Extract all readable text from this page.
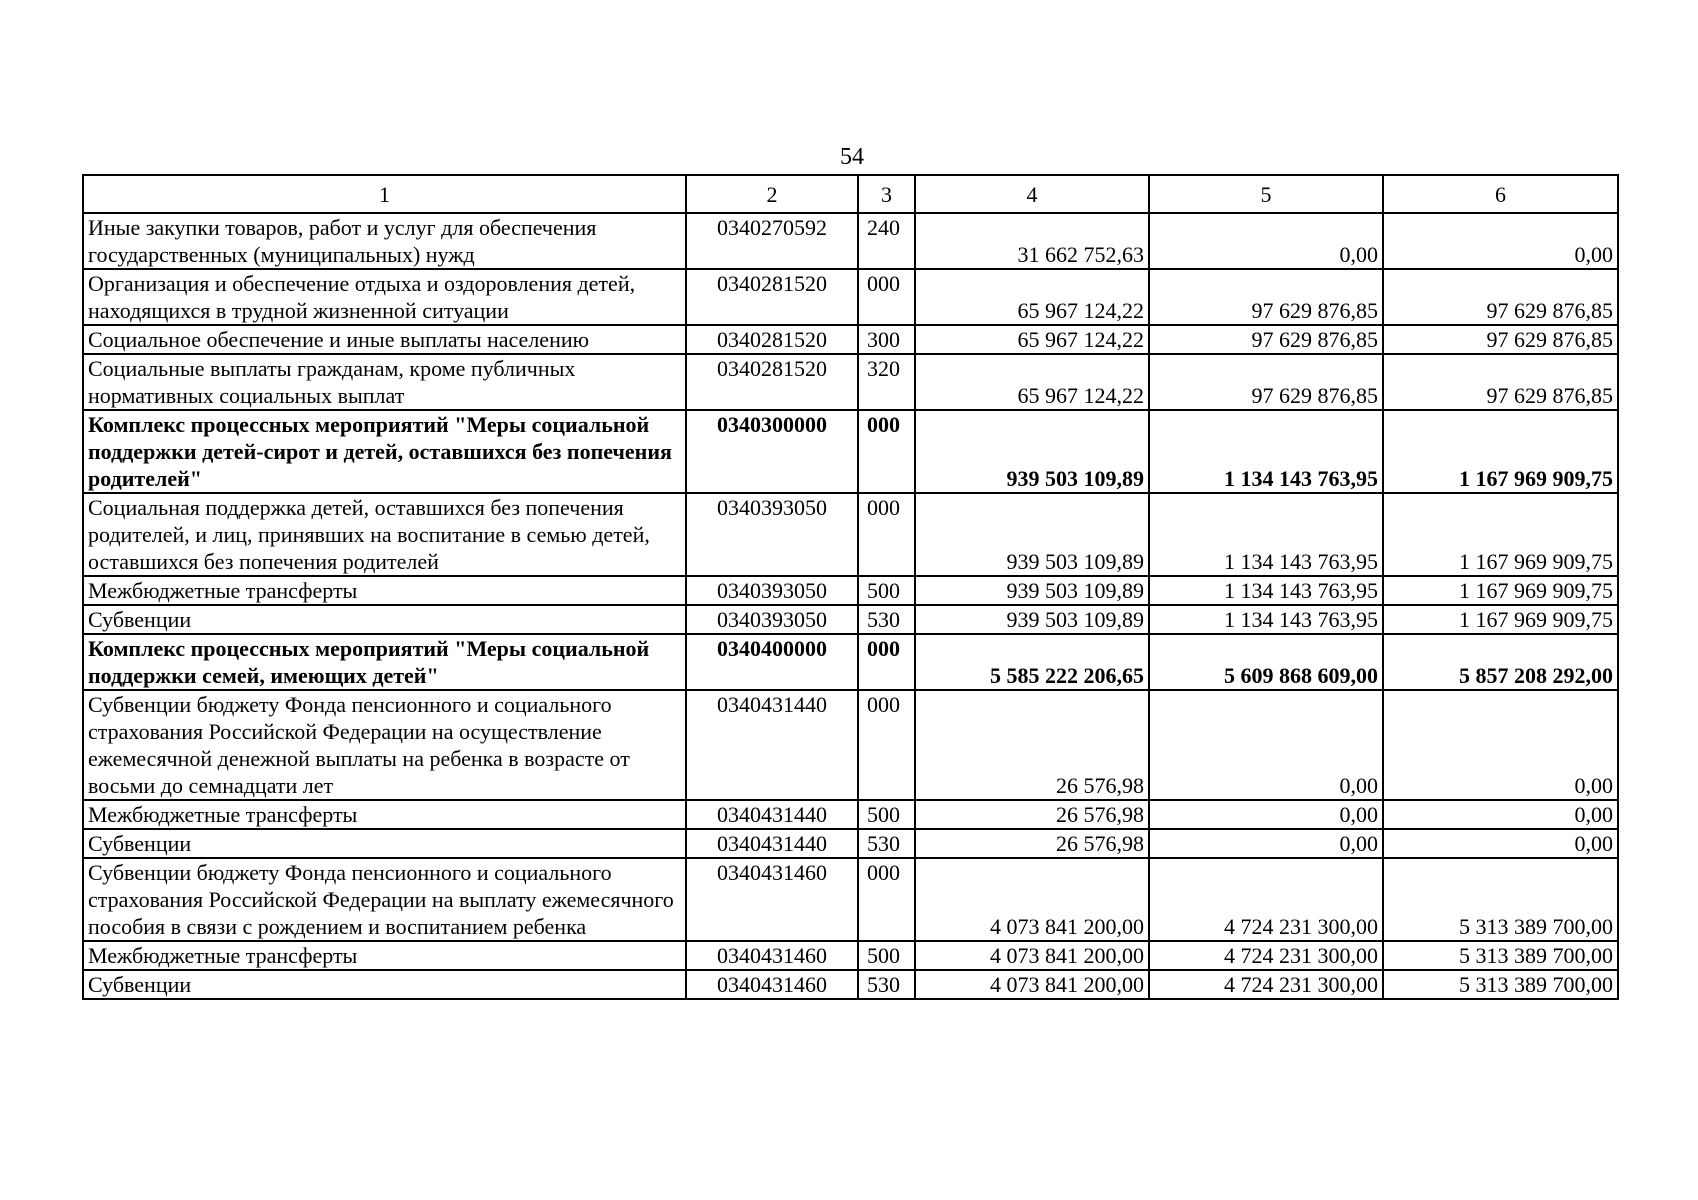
54
1	2	3	4	5	6
Иные закупки товаров, работ и услуг для обеспечения государственных (муниципальных) нужд	0340270592	240	31 662 752,63	0,00	0,00
Организация и обеспечение отдыха и оздоровления детей, находящихся в трудной жизненной ситуации	0340281520	000	65 967 124,22	97 629 876,85	97 629 876,85
Социальное обеспечение и иные выплаты населению	0340281520	300	65 967 124,22	97 629 876,85	97 629 876,85
Социальные выплаты гражданам, кроме публичных нормативных социальных выплат	0340281520	320	65 967 124,22	97 629 876,85	97 629 876,85
Комплекс процессных мероприятий "Меры социальной поддержки детей-сирот и детей, оставшихся без попечения родителей"	0340300000	000	939 503 109,89	1 134 143 763,95	1 167 969 909,75
Социальная поддержка детей, оставшихся без попечения родителей, и лиц, принявших на воспитание в семью детей, оставшихся без попечения родителей	0340393050	000	939 503 109,89	1 134 143 763,95	1 167 969 909,75
Межбюджетные трансферты	0340393050	500	939 503 109,89	1 134 143 763,95	1 167 969 909,75
Субвенции	0340393050	530	939 503 109,89	1 134 143 763,95	1 167 969 909,75
Комплекс процессных мероприятий "Меры социальной поддержки семей, имеющих детей"	0340400000	000	5 585 222 206,65	5 609 868 609,00	5 857 208 292,00
Субвенции бюджету Фонда пенсионного и социального страхования Российской Федерации на осуществление ежемесячной денежной выплаты на ребенка в возрасте от восьми до семнадцати лет	0340431440	000	26 576,98	0,00	0,00
Межбюджетные трансферты	0340431440	500	26 576,98	0,00	0,00
Субвенции	0340431440	530	26 576,98	0,00	0,00
Субвенции бюджету Фонда пенсионного и социального страхования Российской Федерации на выплату ежемесячного пособия в связи с рождением и воспитанием ребенка	0340431460	000	4 073 841 200,00	4 724 231 300,00	5 313 389 700,00
Межбюджетные трансферты	0340431460	500	4 073 841 200,00	4 724 231 300,00	5 313 389 700,00
Субвенции	0340431460	530	4 073 841 200,00	4 724 231 300,00	5 313 389 700,00
